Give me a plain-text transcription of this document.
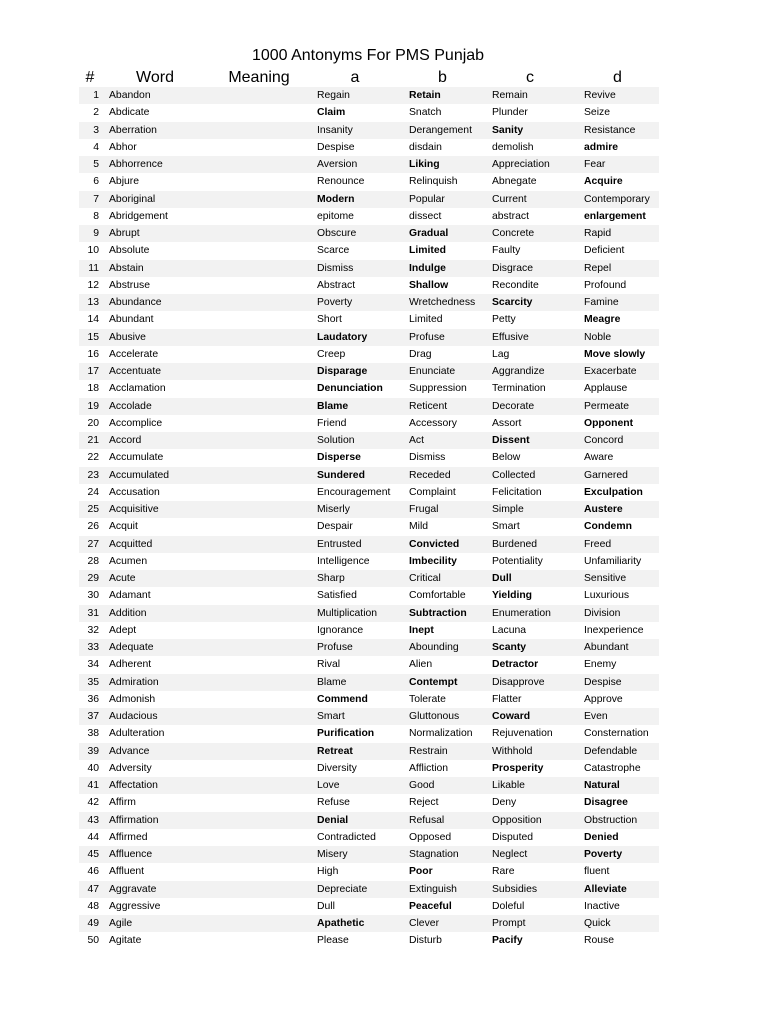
1000 Antonyms For PMS Punjab
#	Word	Meaning	a	b	c	d
1	Abandon		Regain	Retain	Remain	Revive
2	Abdicate		Claim	Snatch	Plunder	Seize
3	Aberration		Insanity	Derangement	Sanity	Resistance
4	Abhor		Despise	disdain	demolish	admire
5	Abhorrence		Aversion	Liking	Appreciation	Fear
6	Abjure		Renounce	Relinquish	Abnegate	Acquire
7	Aboriginal		Modern	Popular	Current	Contemporary
8	Abridgement		epitome	dissect	abstract	enlargement
9	Abrupt		Obscure	Gradual	Concrete	Rapid
10	Absolute		Scarce	Limited	Faulty	Deficient
11	Abstain		Dismiss	Indulge	Disgrace	Repel
12	Abstruse		Abstract	Shallow	Recondite	Profound
13	Abundance		Poverty	Wretchedness	Scarcity	Famine
14	Abundant		Short	Limited	Petty	Meagre
15	Abusive		Laudatory	Profuse	Effusive	Noble
16	Accelerate		Creep	Drag	Lag	Move slowly
17	Accentuate		Disparage	Enunciate	Aggrandize	Exacerbate
18	Acclamation		Denunciation	Suppression	Termination	Applause
19	Accolade		Blame	Reticent	Decorate	Permeate
20	Accomplice		Friend	Accessory	Assort	Opponent
21	Accord		Solution	Act	Dissent	Concord
22	Accumulate		Disperse	Dismiss	Below	Aware
23	Accumulated		Sundered	Receded	Collected	Garnered
24	Accusation		Encouragement	Complaint	Felicitation	Exculpation
25	Acquisitive		Miserly	Frugal	Simple	Austere
26	Acquit		Despair	Mild	Smart	Condemn
27	Acquitted		Entrusted	Convicted	Burdened	Freed
28	Acumen		Intelligence	Imbecility	Potentiality	Unfamiliarity
29	Acute		Sharp	Critical	Dull	Sensitive
30	Adamant		Satisfied	Comfortable	Yielding	Luxurious
31	Addition		Multiplication	Subtraction	Enumeration	Division
32	Adept		Ignorance	Inept	Lacuna	Inexperience
33	Adequate		Profuse	Abounding	Scanty	Abundant
34	Adherent		Rival	Alien	Detractor	Enemy
35	Admiration		Blame	Contempt	Disapprove	Despise
36	Admonish		Commend	Tolerate	Flatter	Approve
37	Audacious		Smart	Gluttonous	Coward	Even
38	Adulteration		Purification	Normalization	Rejuvenation	Consternation
39	Advance		Retreat	Restrain	Withhold	Defendable
40	Adversity		Diversity	Affliction	Prosperity	Catastrophe
41	Affectation		Love	Good	Likable	Natural
42	Affirm		Refuse	Reject	Deny	Disagree
43	Affirmation		Denial	Refusal	Opposition	Obstruction
44	Affirmed		Contradicted	Opposed	Disputed	Denied
45	Affluence		Misery	Stagnation	Neglect	Poverty
46	Affluent		High	Poor	Rare	fluent
47	Aggravate		Depreciate	Extinguish	Subsidies	Alleviate
48	Aggressive		Dull	Peaceful	Doleful	Inactive
49	Agile		Apathetic	Clever	Prompt	Quick
50	Agitate		Please	Disturb	Pacify	Rouse
